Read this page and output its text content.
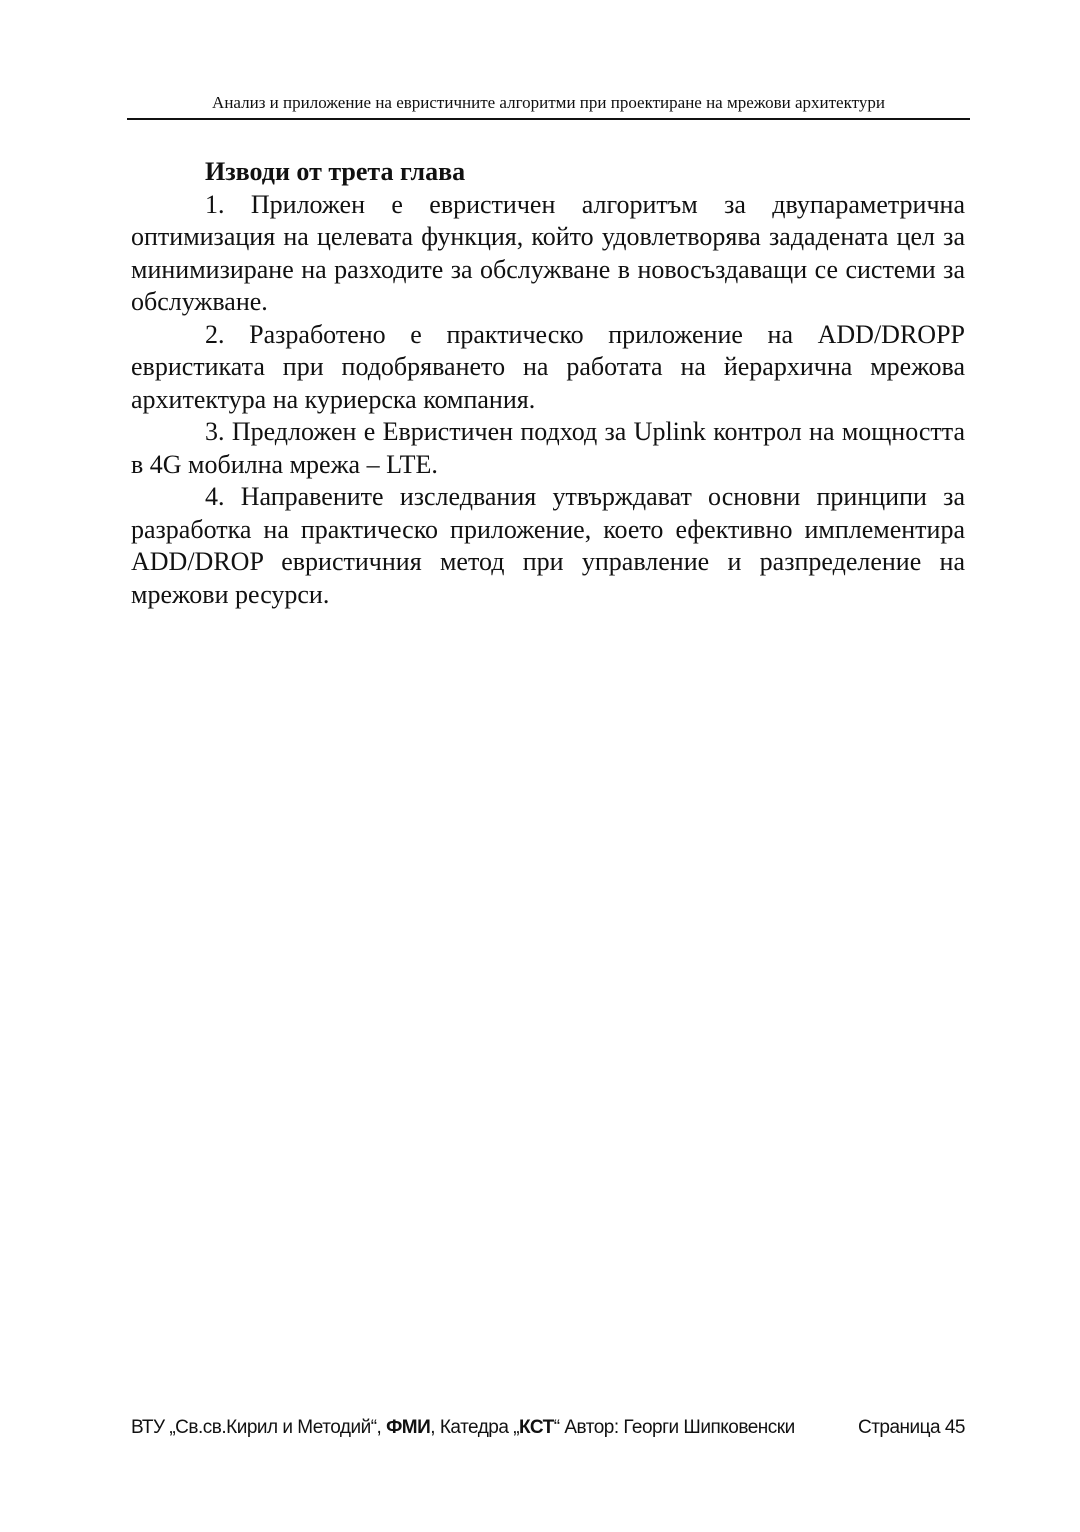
Анализ и приложение на евристичните алгоритми при проектиране на мрежови архитектури
Изводи от трета глава

1. Приложен е евристичен алгоритъм за двупараметрична оптимизация на целевата функция, който удовлетворява зададената цел за минимизиране на разходите за обслужване в новосъздаващи се системи за обслужване.

2. Разработено е практическо приложение на ADD/DROPP евристиката при подобряването на работата на йерархична мрежова архитектура на куриерска компания.

3. Предложен е Евристичен подход за Uplink контрол на мощността в 4G мобилна мрежа – LTE.

4. Направените изследвания утвърждават основни принципи за разработка на практическо приложение, което ефективно имплементира ADD/DROP евристичния метод при управление и разпределение на мрежови ресурси.

ВТУ „Св.св.Кирил и Методий“, ФМИ, Катедра „КСТ“ Автор: Георги Шипковенски	Страница 45
